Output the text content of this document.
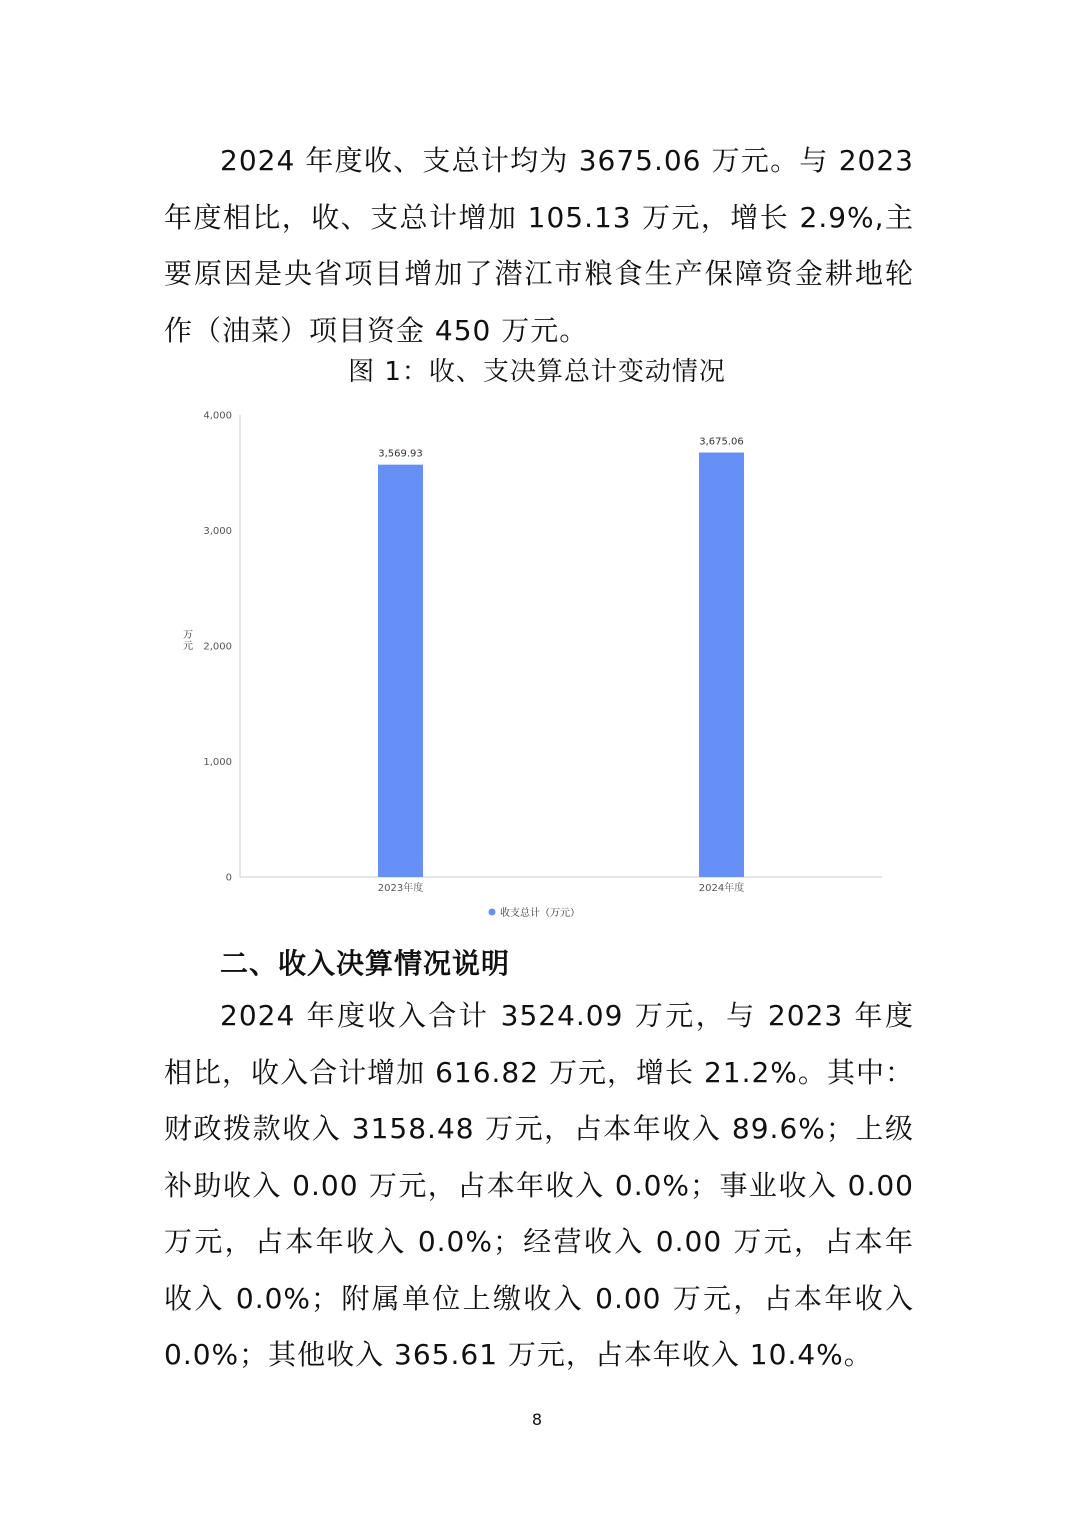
2024 年度收、支总计均为 3675.06 万元。与 2023 年度相比，收、支总计增加 105.13 万元，增长 2.9%,主要原因是央省项目增加了潜江市粮食生产保障资金耕地轮作（油菜）项目资金 450 万元。

图 1：收、支决算总计变动情况
0
1,000
2,000
3,000
4,000
3,569.93
3,675.06
2023年度	2024年度
万元
收支总计（万元）
二、收入决算情况说明

2024 年度收入合计 3524.09 万元，与 2023 年度相比，收入合计增加 616.82 万元，增长 21.2%。其中：财政拨款收入 3158.48 万元，占本年收入 89.6%；上级补助收入 0.00 万元，占本年收入 0.0%；事业收入 0.00 万元，占本年收入 0.0%；经营收入 0.00 万元，占本年收入 0.0%；附属单位上缴收入 0.00 万元，占本年收入 0.0%；其他收入 365.61 万元，占本年收入 10.4%。

8
